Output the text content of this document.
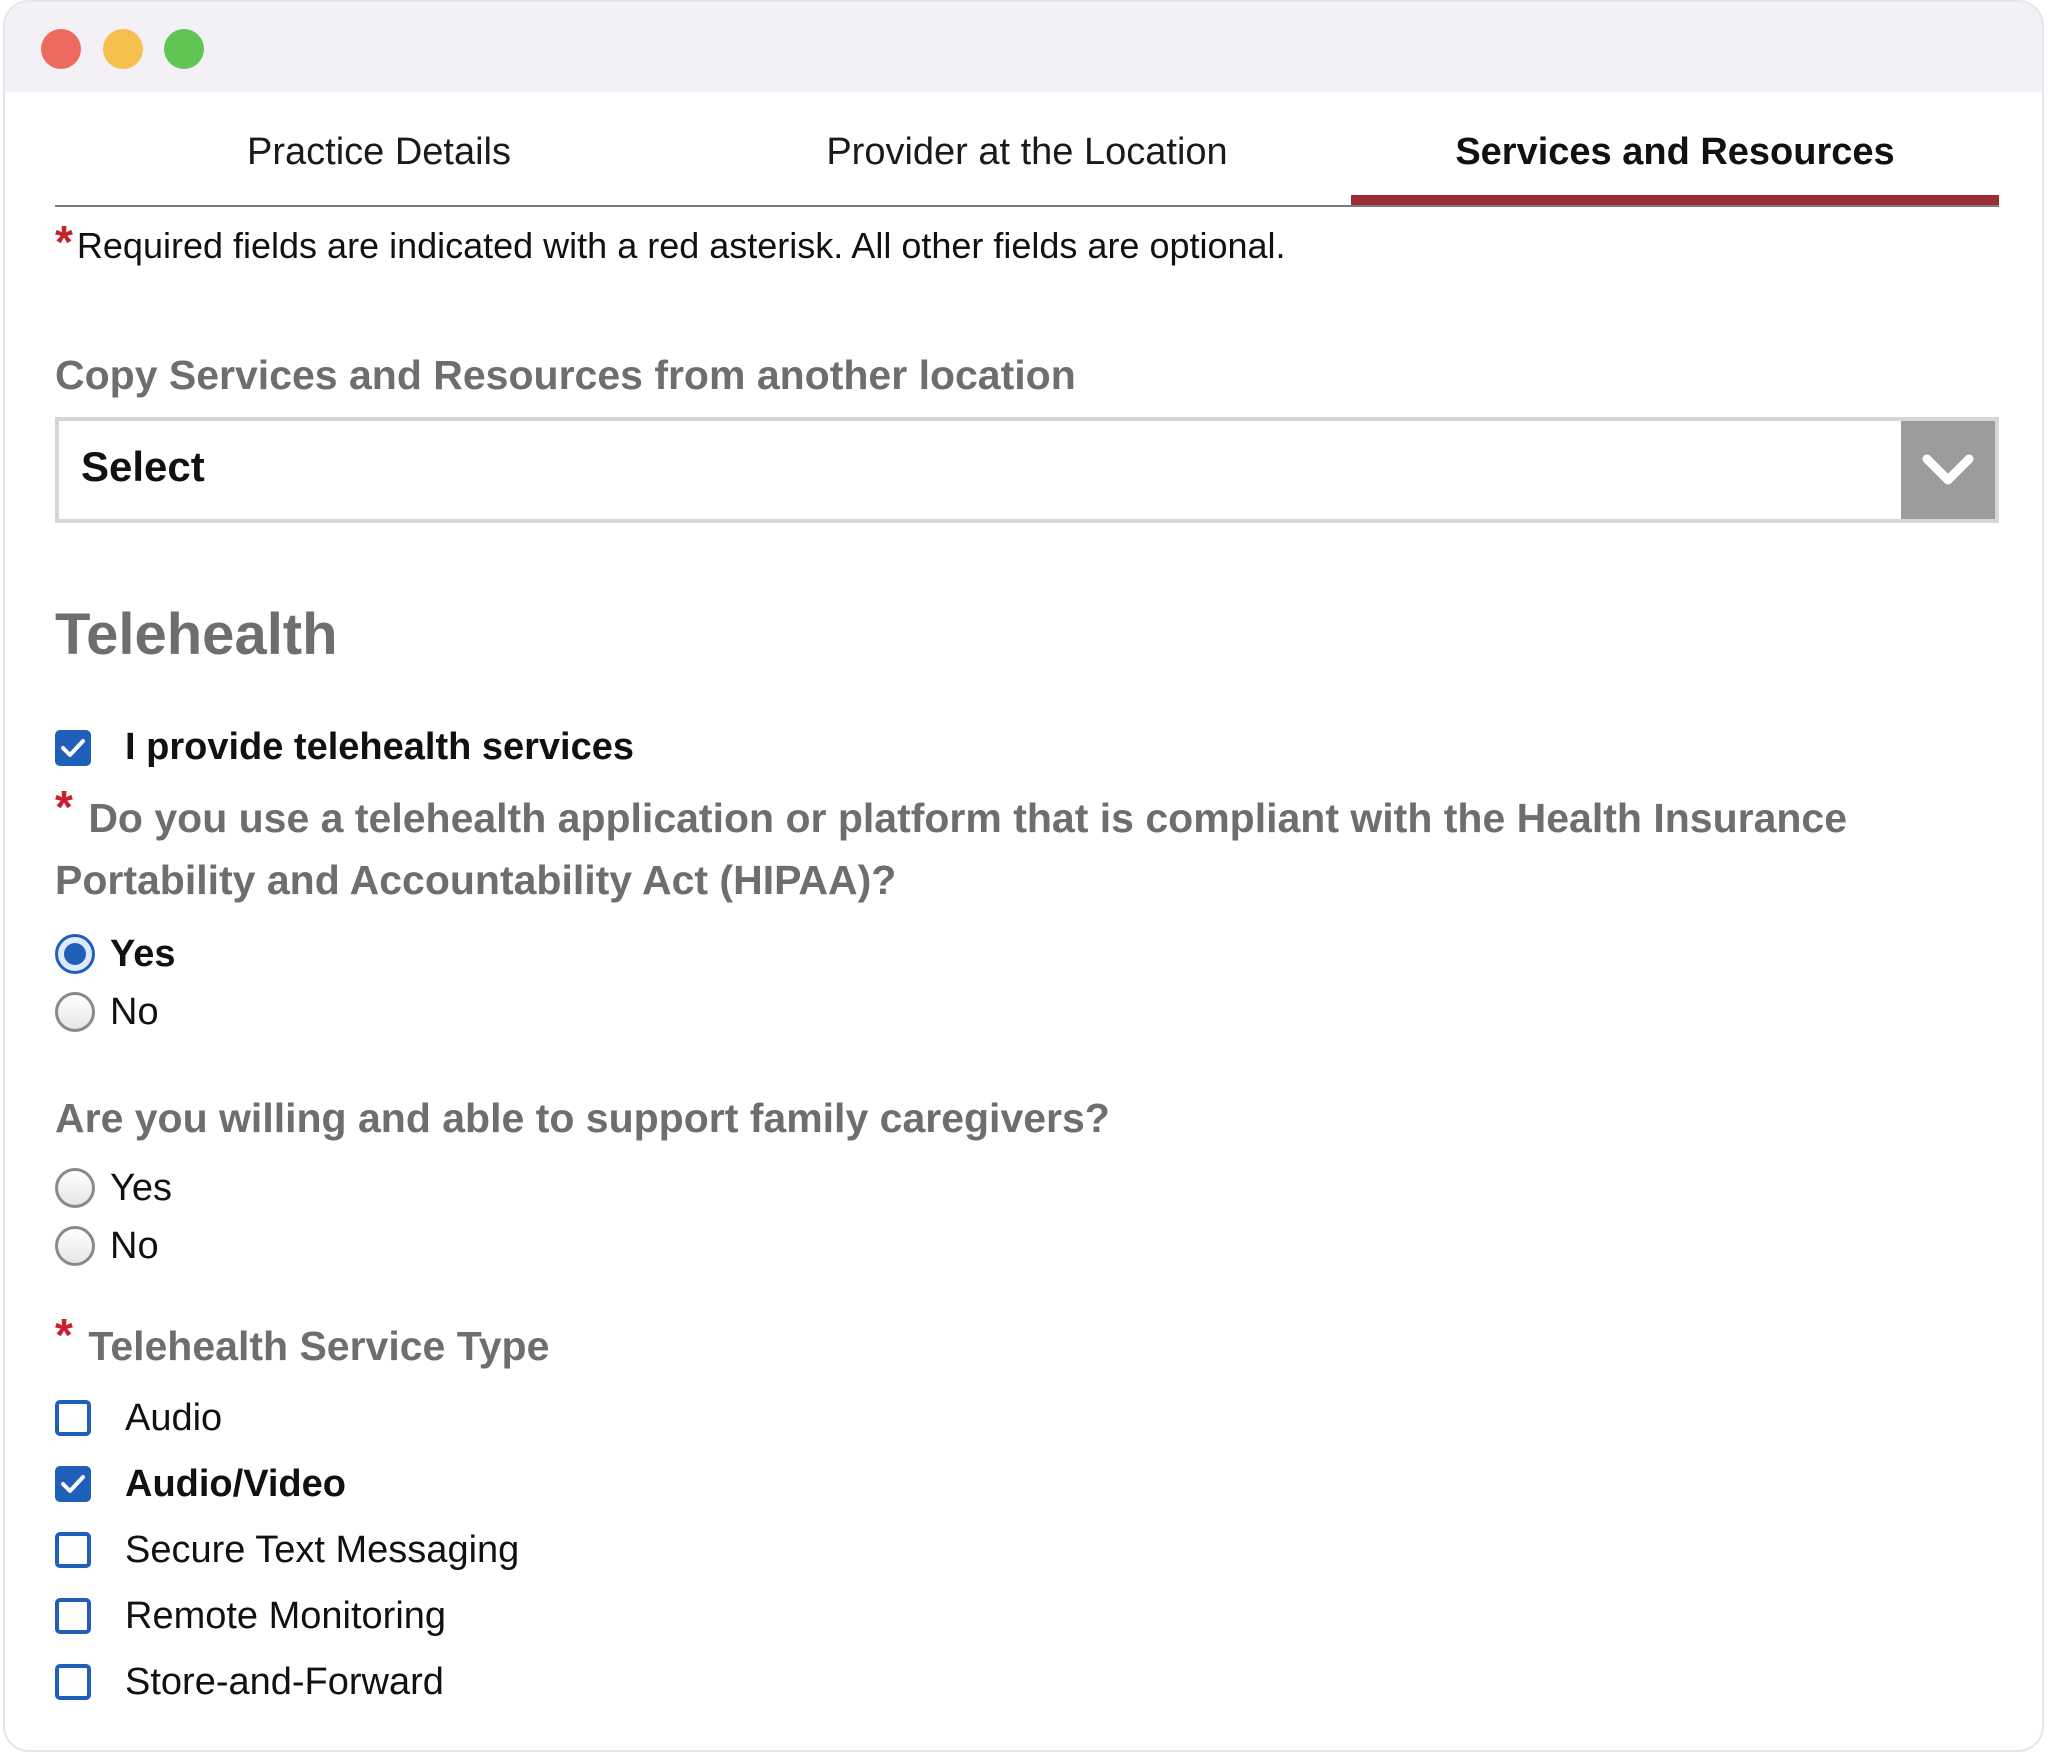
Practice Details	Provider at the Location	Services and Resources
* Required fields are indicated with a red asterisk. All other fields are optional.
Copy Services and Resources from another location
Select
Telehealth
I provide telehealth services
* Do you use a telehealth application or platform that is compliant with the Health Insurance Portability and Accountability Act (HIPAA)?
Yes
No
Are you willing and able to support family caregivers?
Yes
No
* Telehealth Service Type
Audio
Audio/Video
Secure Text Messaging
Remote Monitoring
Store-and-Forward
